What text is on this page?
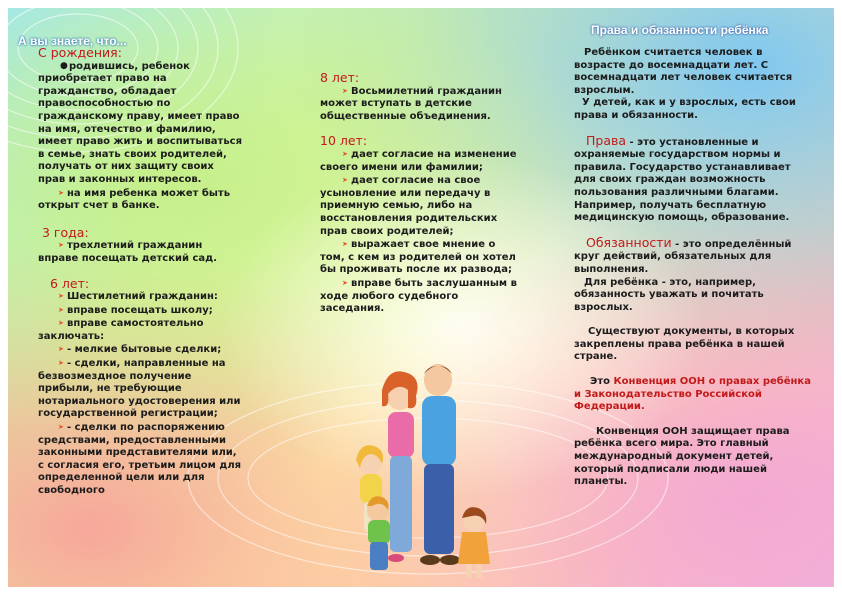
А вы знаете, что...
Права и обязанности ребёнка
С рождения:
●родившись, ребенок приобретает право на гражданство, обладает правоспособностью по гражданскому праву, имеет право на имя, отечество и фамилию, имеет право жить и воспитываться в семье, знать своих родителей, получать от них защиту своих прав и законных интересов.
➤ на имя ребенка может быть открыт счет в банке.
3 года:
➤ трехлетний гражданин вправе посещать детский сад.
6 лет:
➤ Шестилетний гражданин:
➤ вправе посещать школу;
➤ вправе самостоятельно заключать:
➤ - мелкие бытовые сделки;
➤ - сделки, направленные на безвозмездное получение прибыли, не требующие нотариального удостоверения или государственной регистрации;
➤ - сделки по распоряжению средствами, предоставленными законными представителями или, с согласия его, третьим лицом для определенной цели или для свободного
8 лет:
➤ Восьмилетний гражданин может вступать в детские общественные объединения.
10 лет:
➤ дает согласие на изменение своего имени или фамилии;
➤ дает согласие на свое усыновление или передачу в приемную семью, либо на восстановления родительских прав своих родителей;
➤ выражает свое мнение о том, с кем из родителей он хотел бы проживать после их развода;
➤ вправе быть заслушанным в ходе любого судебного заседания.
Ребёнком считается человек в возрасте до восемнадцати лет. С восемнадцати лет человек считается взрослым.
У детей, как и у взрослых, есть свои права и обязанности.
Права - это установленные и охраняемые государством нормы и правила. Государство устанавливает для своих граждан возможность пользования различными благами. Например, получать бесплатную медицинскую помощь, образование.
Обязанности - это определённый круг действий, обязательных для выполнения.
Для ребёнка - это, например, обязанность уважать и почитать взрослых.
Существуют документы, в которых закреплены права ребёнка в нашей стране.
Это Конвенция ООН о правах ребёнка и Законодательство Российской Федерации.
Конвенция ООН защищает права ребёнка всего мира. Это главный международный документ детей, который подписали люди нашей планеты.
